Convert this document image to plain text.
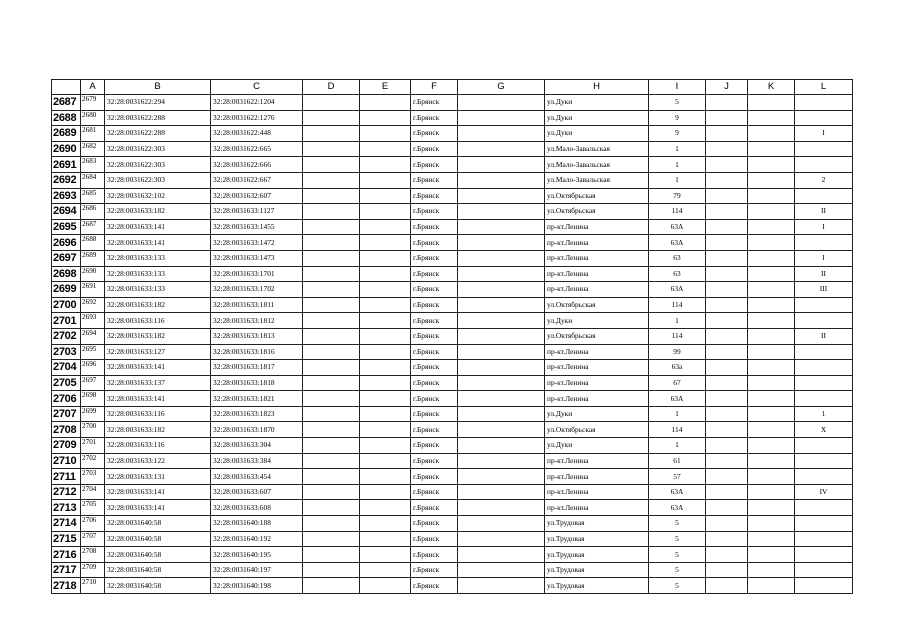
	A	B	C	D	E	F	G	H	I	J	K	L
2687	2679	32:28:0031622:294	32:28:0031622:1204			г.Брянск		ул.Дуки	5			
2688	2680	32:28:0031622:288	32:28:0031622:1276			г.Брянск		ул.Дуки	9			
2689	2681	32:28:0031622:288	32:28:0031622:448			г.Брянск		ул.Дуки	9			I
2690	2682	32:28:0031622:303	32:28:0031622:665			г.Брянск		ул.Мало-Завальская	1			
2691	2683	32:28:0031622:303	32:28:0031622:666			г.Брянск		ул.Мало-Завальская	1			
2692	2684	32:28:0031622:303	32:28:0031622:667			г.Брянск		ул.Мало-Завальская	1			2
2693	2685	32:28:0031632:102	32:28:0031632:607			г.Брянск		ул.Октябрьская	79			
2694	2686	32:28:0031633:182	32:28:0031633:1127			г.Брянск		ул.Октябрьская	114			II
2695	2687	32:28:0031633:141	32:28:0031633:1455			г.Брянск		пр-кт.Ленина	63А			I
2696	2688	32:28:0031633:141	32:28:0031633:1472			г.Брянск		пр-кт.Ленина	63А			
2697	2689	32:28:0031633:133	32:28:0031633:1473			г.Брянск		пр-кт.Ленина	63			I
2698	2690	32:28:0031633:133	32:28:0031633:1701			г.Брянск		пр-кт.Ленина	63			II
2699	2691	32:28:0031633:133	32:28:0031633:1702			г.Брянск		пр-кт.Ленина	63А			III
2700	2692	32:28:0031633:182	32:28:0031633:1811			г.Брянск		ул.Октябрьская	114			
2701	2693	32:28:0031633:116	32:28:0031633:1812			г.Брянск		ул.Дуки	1			
2702	2694	32:28:0031633:182	32:28:0031633:1813			г.Брянск		ул.Октябрьская	114			II
2703	2695	32:28:0031633:127	32:28:0031633:1816			г.Брянск		пр-кт.Ленина	99			
2704	2696	32:28:0031633:141	32:28:0031633:1817			г.Брянск		пр-кт.Ленина	63а			
2705	2697	32:28:0031633:137	32:28:0031633:1818			г.Брянск		пр-кт.Ленина	67			
2706	2698	32:28:0031633:141	32:28:0031633:1821			г.Брянск		пр-кт.Ленина	63А			
2707	2699	32:28:0031633:116	32:28:0031633:1823			г.Брянск		ул.Дуки	1			1
2708	2700	32:28:0031633:182	32:28:0031633:1870			г.Брянск		ул.Октябрьская	114			X
2709	2701	32:28:0031633:116	32:28:0031633:304			г.Брянск		ул.Дуки	1			
2710	2702	32:28:0031633:122	32:28:0031633:384			г.Брянск		пр-кт.Ленина	61			
2711	2703	32:28:0031633:131	32:28:0031633:454			г.Брянск		пр-кт.Ленина	57			
2712	2704	32:28:0031633:141	32:28:0031633:607			г.Брянск		пр-кт.Ленина	63А			IV
2713	2705	32:28:0031633:141	32:28:0031633:608			г.Брянск		пр-кт.Ленина	63А			
2714	2706	32:28:0031640:58	32:28:0031640:188			г.Брянск		ул.Трудовая	5			
2715	2707	32:28:0031640:58	32:28:0031640:192			г.Брянск		ул.Трудовая	5			
2716	2708	32:28:0031640:58	32:28:0031640:195			г.Брянск		ул.Трудовая	5			
2717	2709	32:28:0031640:58	32:28:0031640:197			г.Брянск		ул.Трудовая	5			
2718	2710	32:28:0031640:58	32:28:0031640:198			г.Брянск		ул.Трудовая	5			
